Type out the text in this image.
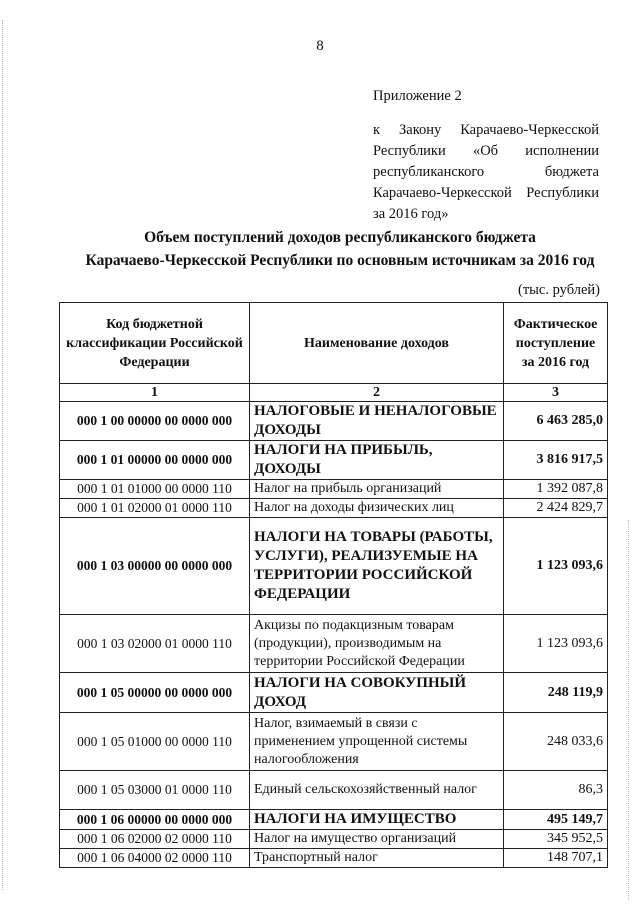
8
Приложение 2
к Закону Карачаево-Черкесской Республики «Об исполнении республиканского бюджета Карачаево-Черкесской Республики за 2016 год»
Объем поступлений доходов республиканского бюджета
Карачаево-Черкесской Республики по основным источникам за 2016 год
(тыс. рублей)
Код бюджетной классификации Российской Федерации	Наименование доходов	Фактическое поступление за 2016 год
1	2	3
000 1 00 00000 00 0000 000	НАЛОГОВЫЕ И НЕНАЛОГОВЫЕ ДОХОДЫ	6 463 285,0
000 1 01 00000 00 0000 000	НАЛОГИ НА ПРИБЫЛЬ, ДОХОДЫ	3 816 917,5
000 1 01 01000 00 0000 110	Налог на прибыль организаций	1 392 087,8
000 1 01 02000 01 0000 110	Налог на доходы физических лиц	2 424 829,7
000 1 03 00000 00 0000 000	НАЛОГИ НА ТОВАРЫ (РАБОТЫ, УСЛУГИ), РЕАЛИЗУЕМЫЕ НА ТЕРРИТОРИИ РОССИЙСКОЙ ФЕДЕРАЦИИ	1 123 093,6
000 1 03 02000 01 0000 110	Акцизы по подакцизным товарам (продукции), производимым на территории Российской Федерации	1 123 093,6
000 1 05 00000 00 0000 000	НАЛОГИ НА СОВОКУПНЫЙ ДОХОД	248 119,9
000 1 05 01000 00 0000 110	Налог, взимаемый в связи с применением упрощенной системы налогообложения	248 033,6
000 1 05 03000 01 0000 110	Единый сельскохозяйственный налог	86,3
000 1 06 00000 00 0000 000	НАЛОГИ НА ИМУЩЕСТВО	495 149,7
000 1 06 02000 02 0000 110	Налог на имущество организаций	345 952,5
000 1 06 04000 02 0000 110	Транспортный налог	148 707,1
